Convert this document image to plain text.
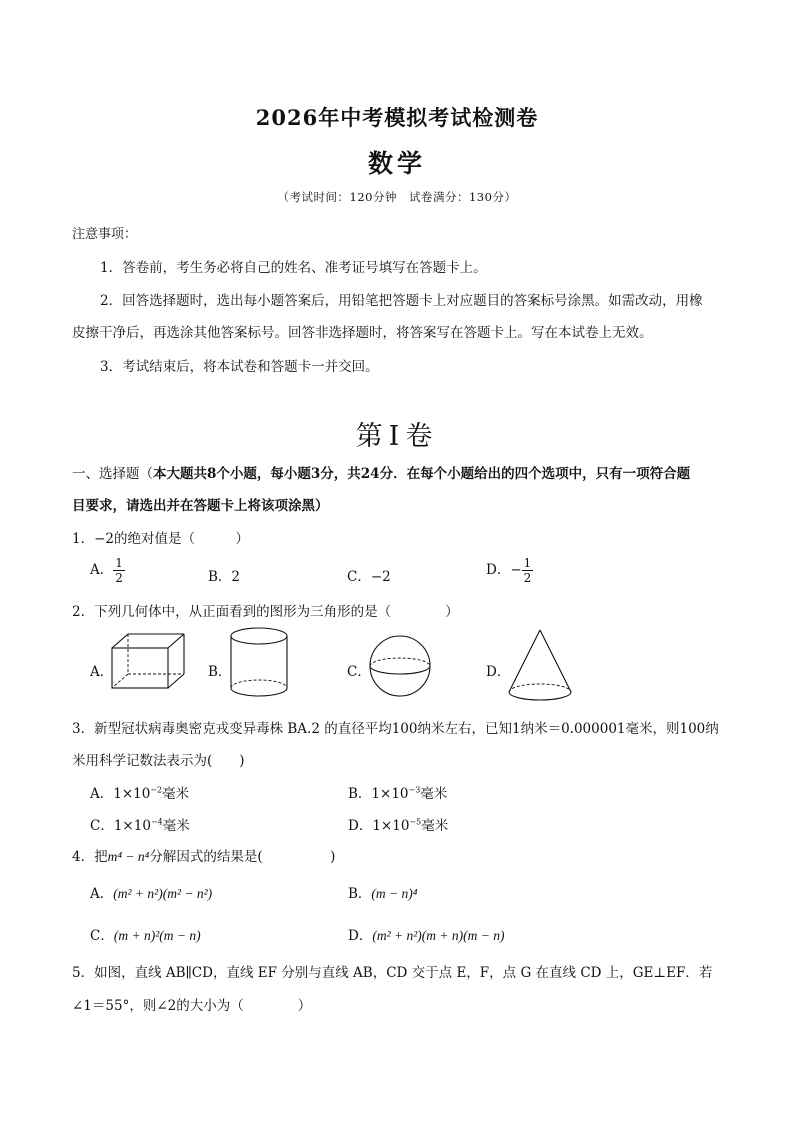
2026年中考模拟考试检测卷
数学
（考试时间：120分钟　试卷满分：130分）
注意事项：
1．答卷前，考生务必将自己的姓名、准考证号填写在答题卡上。
2．回答选择题时，选出每小题答案后，用铅笔把答题卡上对应题目的答案标号涂黑。如需改动，用橡
皮擦干净后，再选涂其他答案标号。回答非选择题时，将答案写在答题卡上。写在本试卷上无效。
3．考试结束后，将本试卷和答题卡一并交回。
第Ⅰ卷
一、选择题（本大题共8个小题，每小题3分，共24分．在每个小题给出的四个选项中，只有一项符合题
目要求，请选出并在答题卡上将该项涂黑）
1．−2的绝对值是（　　　）
A． $\frac{1}{2}$	B．2	C．−2	D．− $\frac{1}{2}$
2．下列几何体中，从正面看到的图形为三角形的是（　　　　）
A．	B．	C．	D．
3．新型冠状病毒奥密克戎变异毒株 BA.2 的直径平均100纳米左右，已知1纳米＝0.000001毫米，则100纳
米用科学记数法表示为(　　)
A．$1\times 10^{-2}$毫米	B．$1\times 10^{-3}$毫米
C．$1\times 10^{-4}$毫米	D．$1\times 10^{-5}$毫米
4．把m⁴ − n⁴分解因式的结果是(　　　　　)
A．(m² + n²)(m² − n²)	B．(m − n)⁴
C．(m + n)²(m − n)	D．(m² + n²)(m + n)(m − n)
5．如图，直线 AB∥CD，直线 EF 分别与直线 AB，CD 交于点 E，F，点 G 在直线 CD 上，GE⊥EF．若
∠1＝55°，则∠2的大小为（　　　　）
